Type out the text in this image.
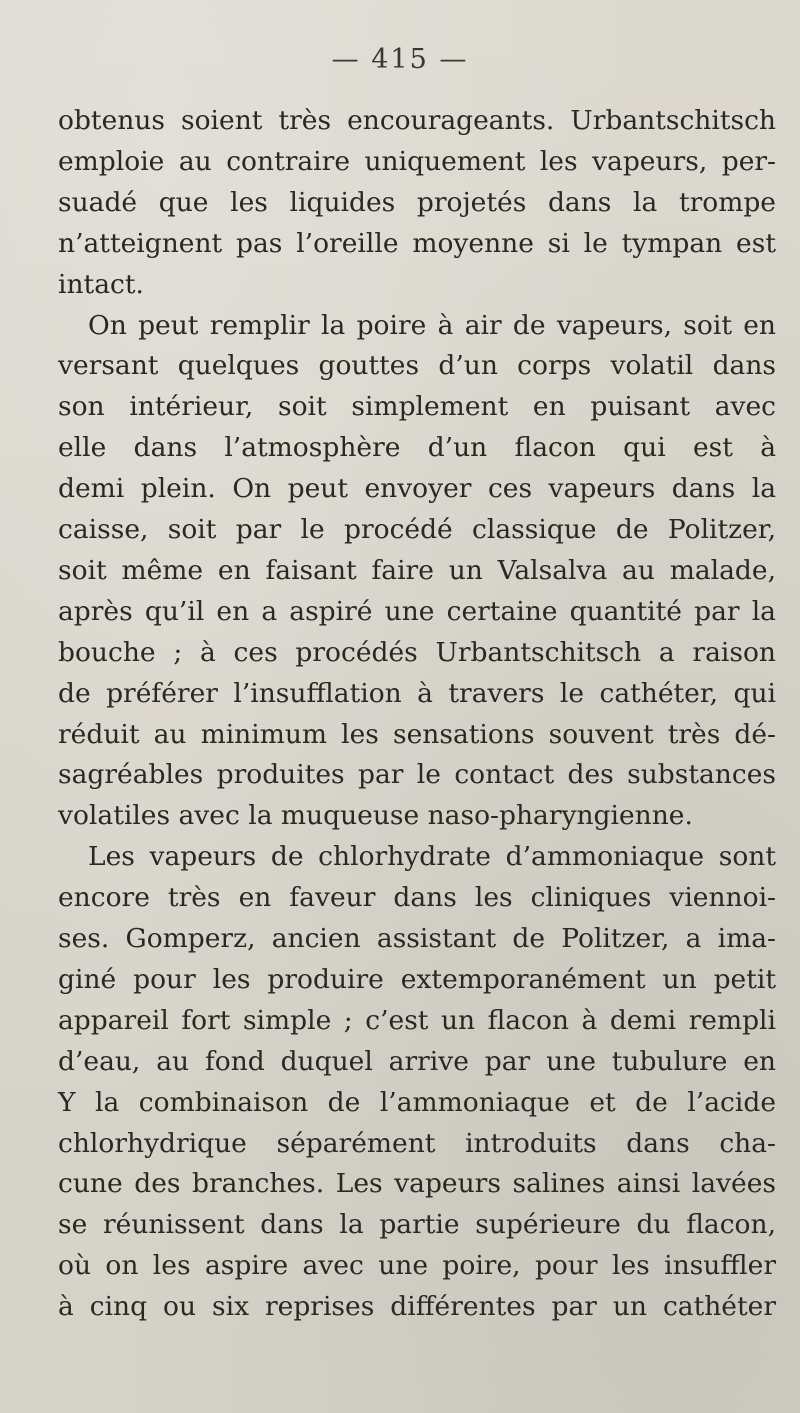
— 415 —
obtenus soient très encourageants. Urbantschitsch
emploie au contraire uniquement les vapeurs, per-
suadé que les liquides projetés dans la trompe
n’atteignent pas l’oreille moyenne si le tympan est
intact.
On peut remplir la poire à air de vapeurs, soit en
versant quelques gouttes d’un corps volatil dans
son intérieur, soit simplement en puisant avec
elle dans l’atmosphère d’un flacon qui est à
demi plein. On peut envoyer ces vapeurs dans la
caisse, soit par le procédé classique de Politzer,
soit même en faisant faire un Valsalva au malade,
après qu’il en a aspiré une certaine quantité par la
bouche ; à ces procédés Urbantschitsch a raison
de préférer l’insufflation à travers le cathéter, qui
réduit au minimum les sensations souvent très dé-
sagréables produites par le contact des substances
volatiles avec la muqueuse naso-pharyngienne.
Les vapeurs de chlorhydrate d’ammoniaque sont
encore très en faveur dans les cliniques viennoi-
ses. Gomperz, ancien assistant de Politzer, a ima-
giné pour les produire extemporanément un petit
appareil fort simple ; c’est un flacon à demi rempli
d’eau, au fond duquel arrive par une tubulure en
Y la combinaison de l’ammoniaque et de l’acide
chlorhydrique séparément introduits dans cha-
cune des branches. Les vapeurs salines ainsi lavées
se réunissent dans la partie supérieure du flacon,
où on les aspire avec une poire, pour les insuffler
à cinq ou six reprises différentes par un cathéter
